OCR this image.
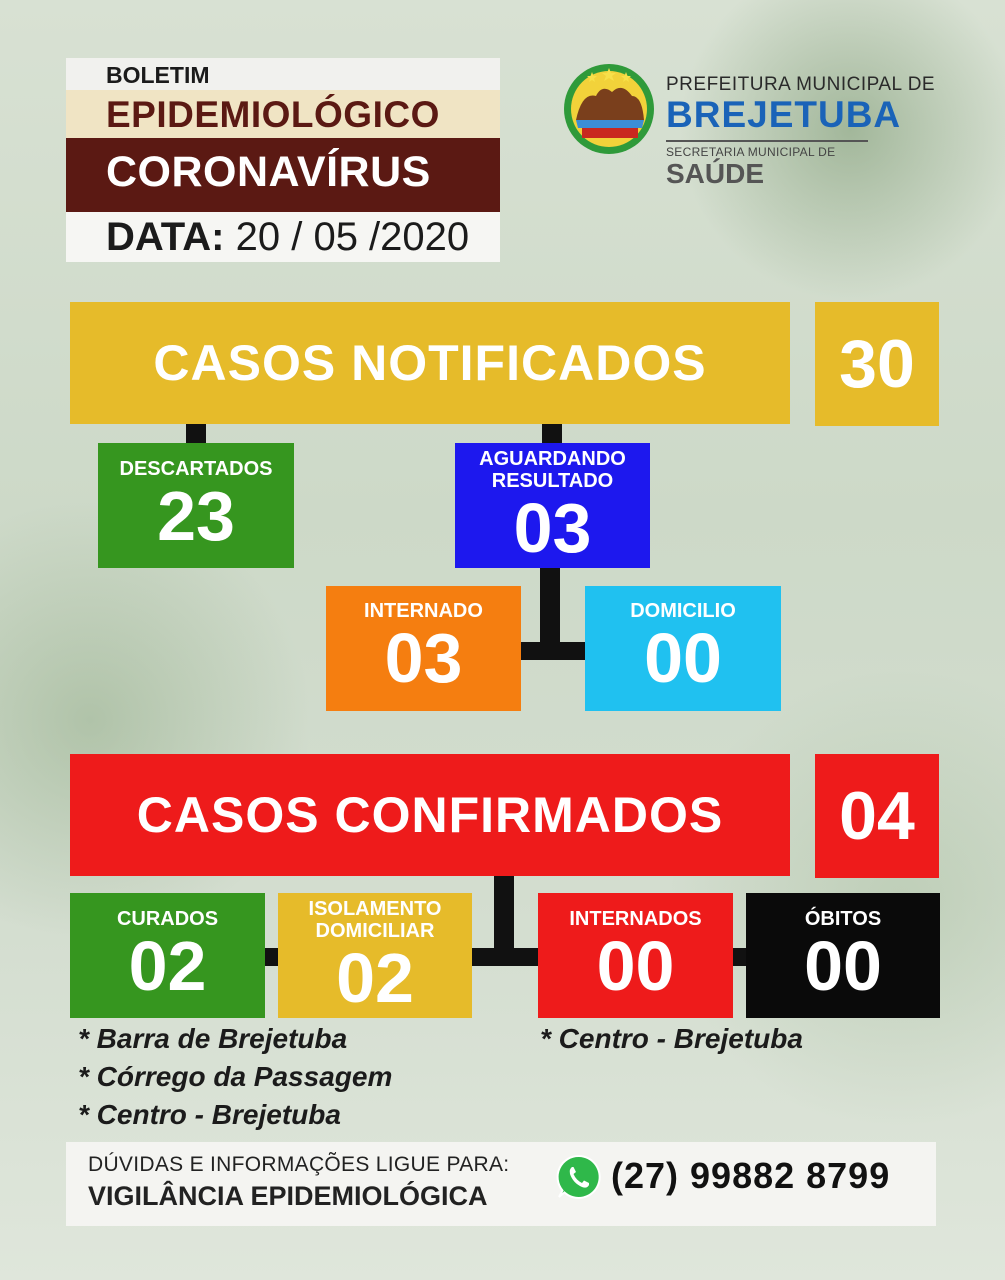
BOLETIM
EPIDEMIOLÓGICO
CORONAVÍRUS
DATA: 20 / 05 /2020
PREFEITURA MUNICIPAL DE
BREJETUBA
SECRETARIA MUNICIPAL DE
SAÚDE
CASOS NOTIFICADOS	30
DESCARTADOS
23
AGUARDANDO
RESULTADO
03
INTERNADO
03
DOMICILIO
00
CASOS CONFIRMADOS	04
CURADOS
02
ISOLAMENTO
DOMICILIAR
02
INTERNADOS
00
ÓBITOS
00
* Barra de Brejetuba
* Córrego da Passagem
* Centro - Brejetuba
* Centro - Brejetuba
DÚVIDAS E INFORMAÇÕES LIGUE PARA:
VIGILÂNCIA EPIDEMIOLÓGICA	(27) 99882 8799
